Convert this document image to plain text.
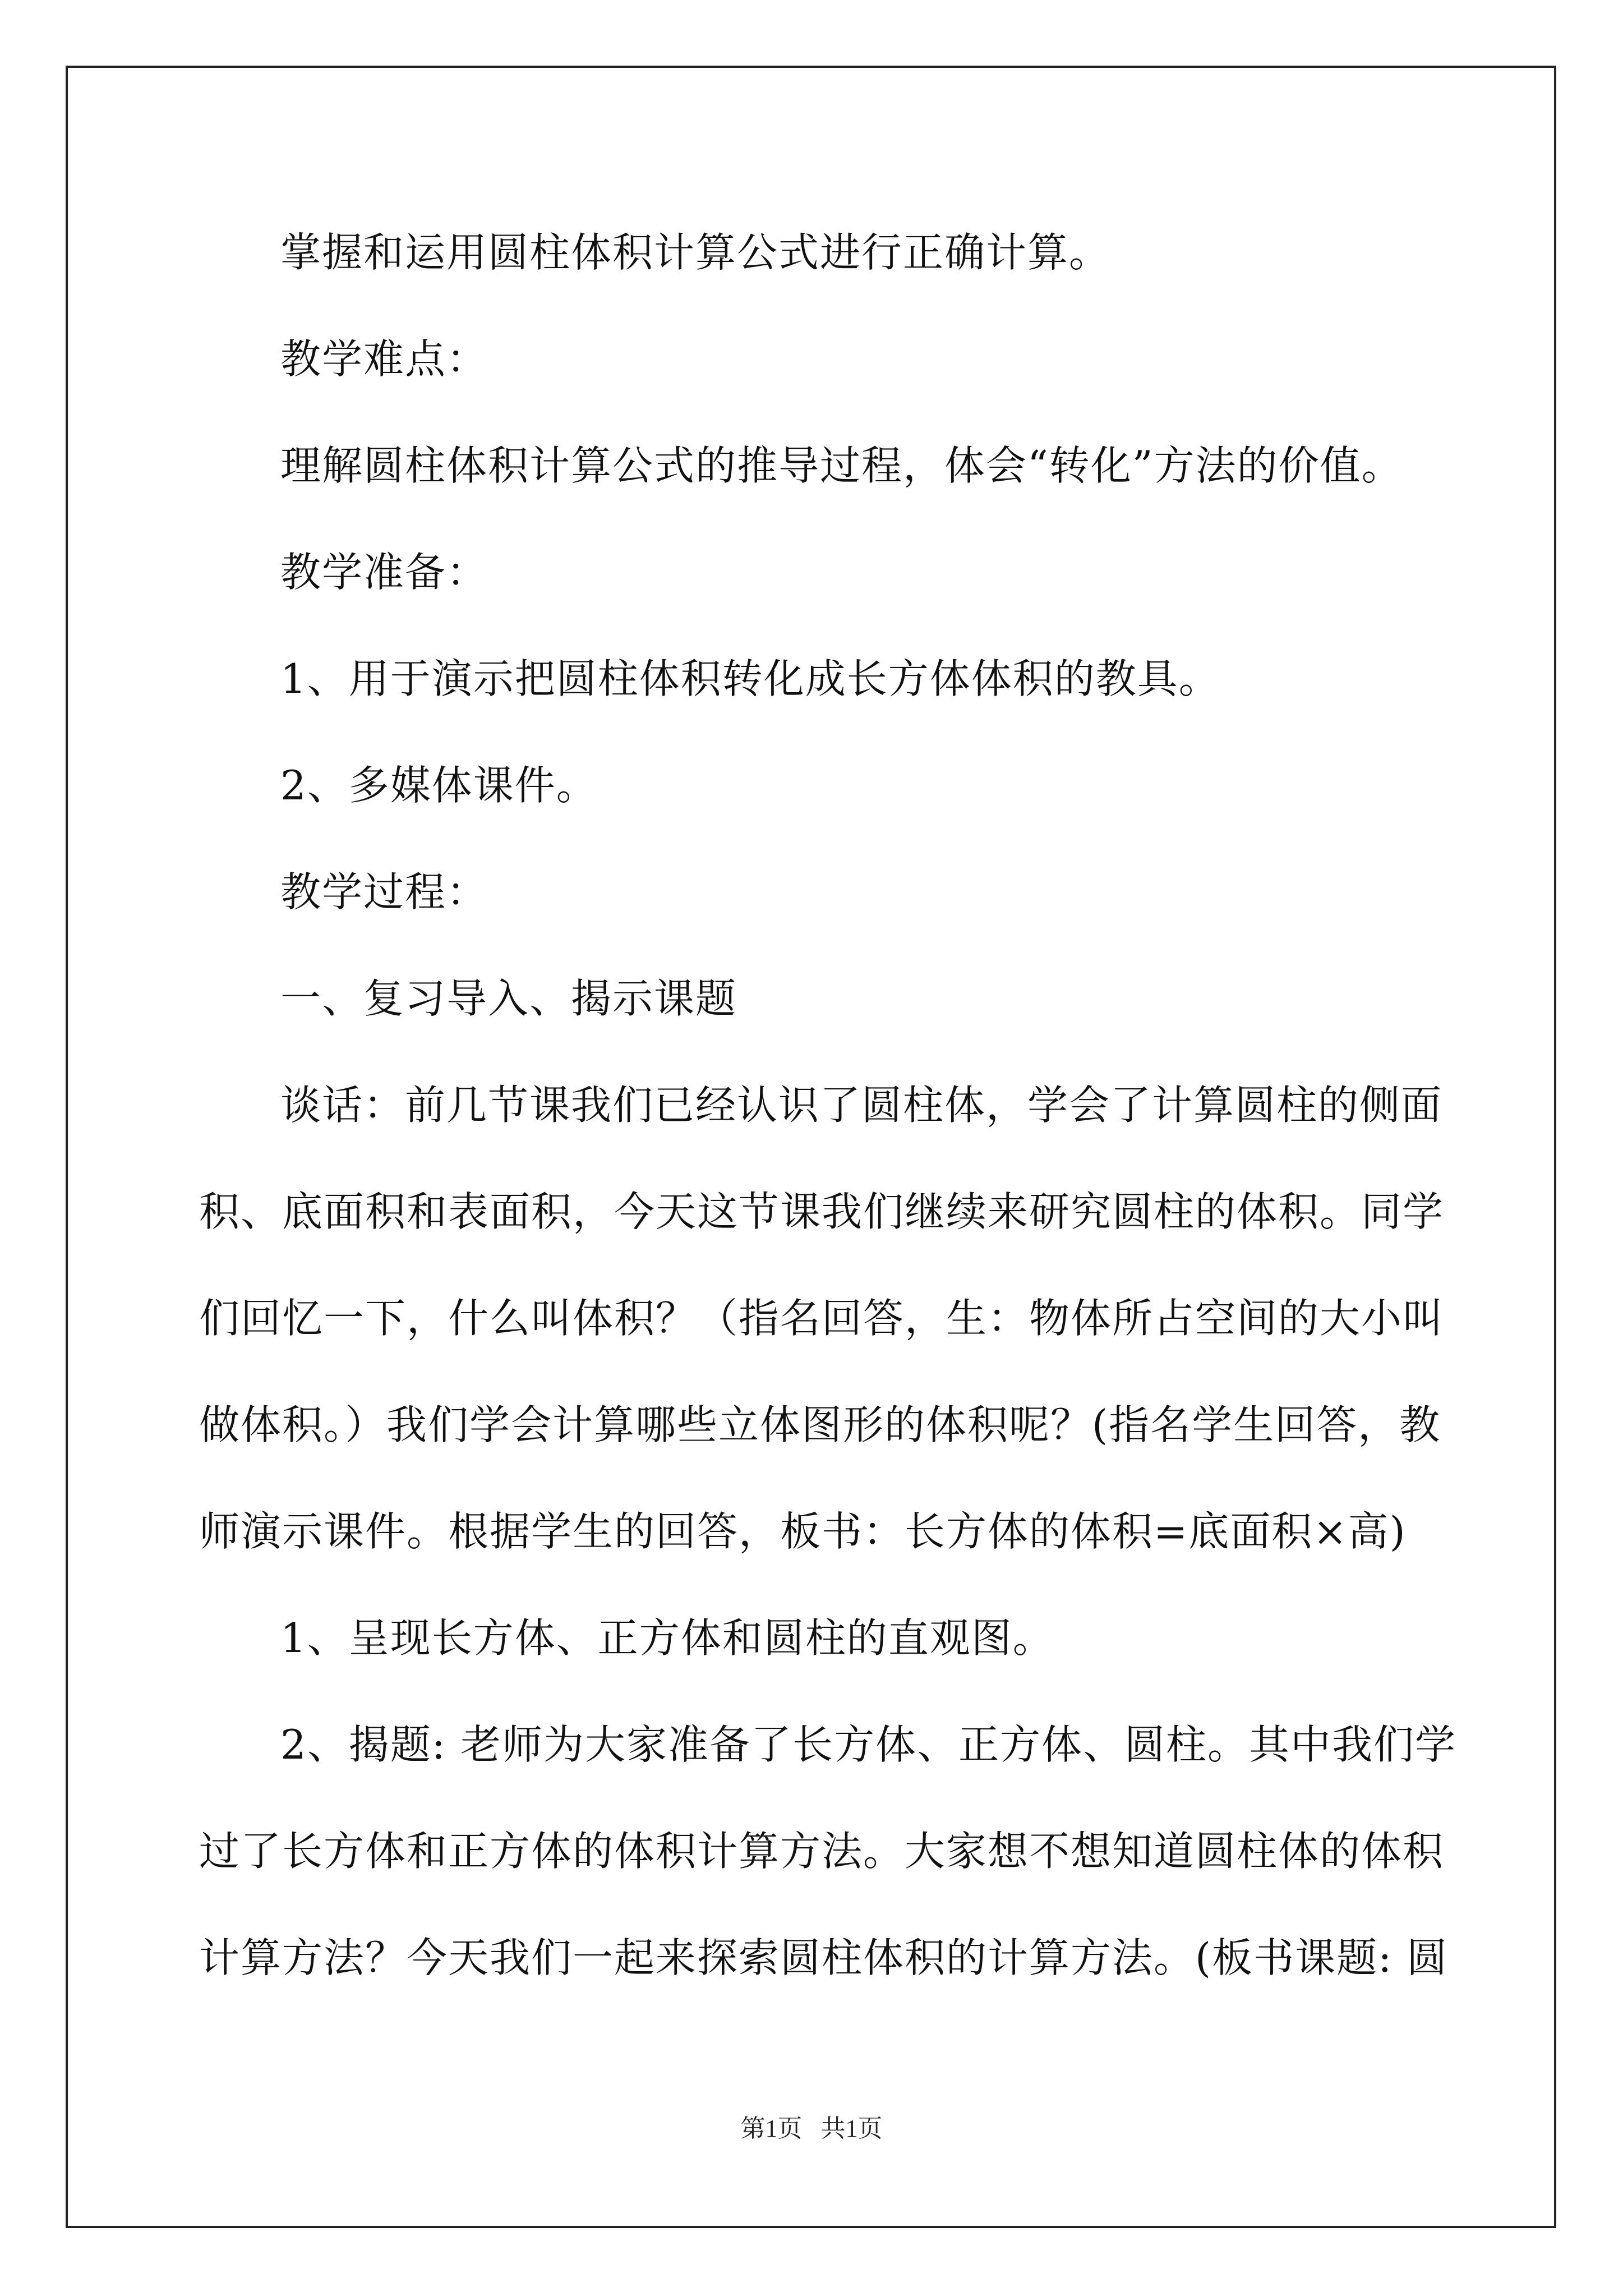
掌握和运用圆柱体积计算公式进行正确计算。
教学难点：
理解圆柱体积计算公式的推导过程，体会“转化”方法的价值。
教学准备：
1、用于演示把圆柱体积转化成长方体体积的教具。
2、多媒体课件。
教学过程：
一、复习导入、揭示课题
谈话：前几节课我们已经认识了圆柱体，学会了计算圆柱的侧面
积、底面积和表面积，今天这节课我们继续来研究圆柱的体积。同学
们回忆一下，什么叫体积？（指名回答，生：物体所占空间的大小叫
做体积。）我们学会计算哪些立体图形的体积呢？(指名学生回答，教
师演示课件。根据学生的回答，板书：长方体的体积=底面积×高)
1、呈现长方体、正方体和圆柱的直观图。
2、揭题: 老师为大家准备了长方体、正方体、圆柱。其中我们学
过了长方体和正方体的体积计算方法。大家想不想知道圆柱体的体积
计算方法？今天我们一起来探索圆柱体积的计算方法。(板书课题: 圆
第1页   共1页
